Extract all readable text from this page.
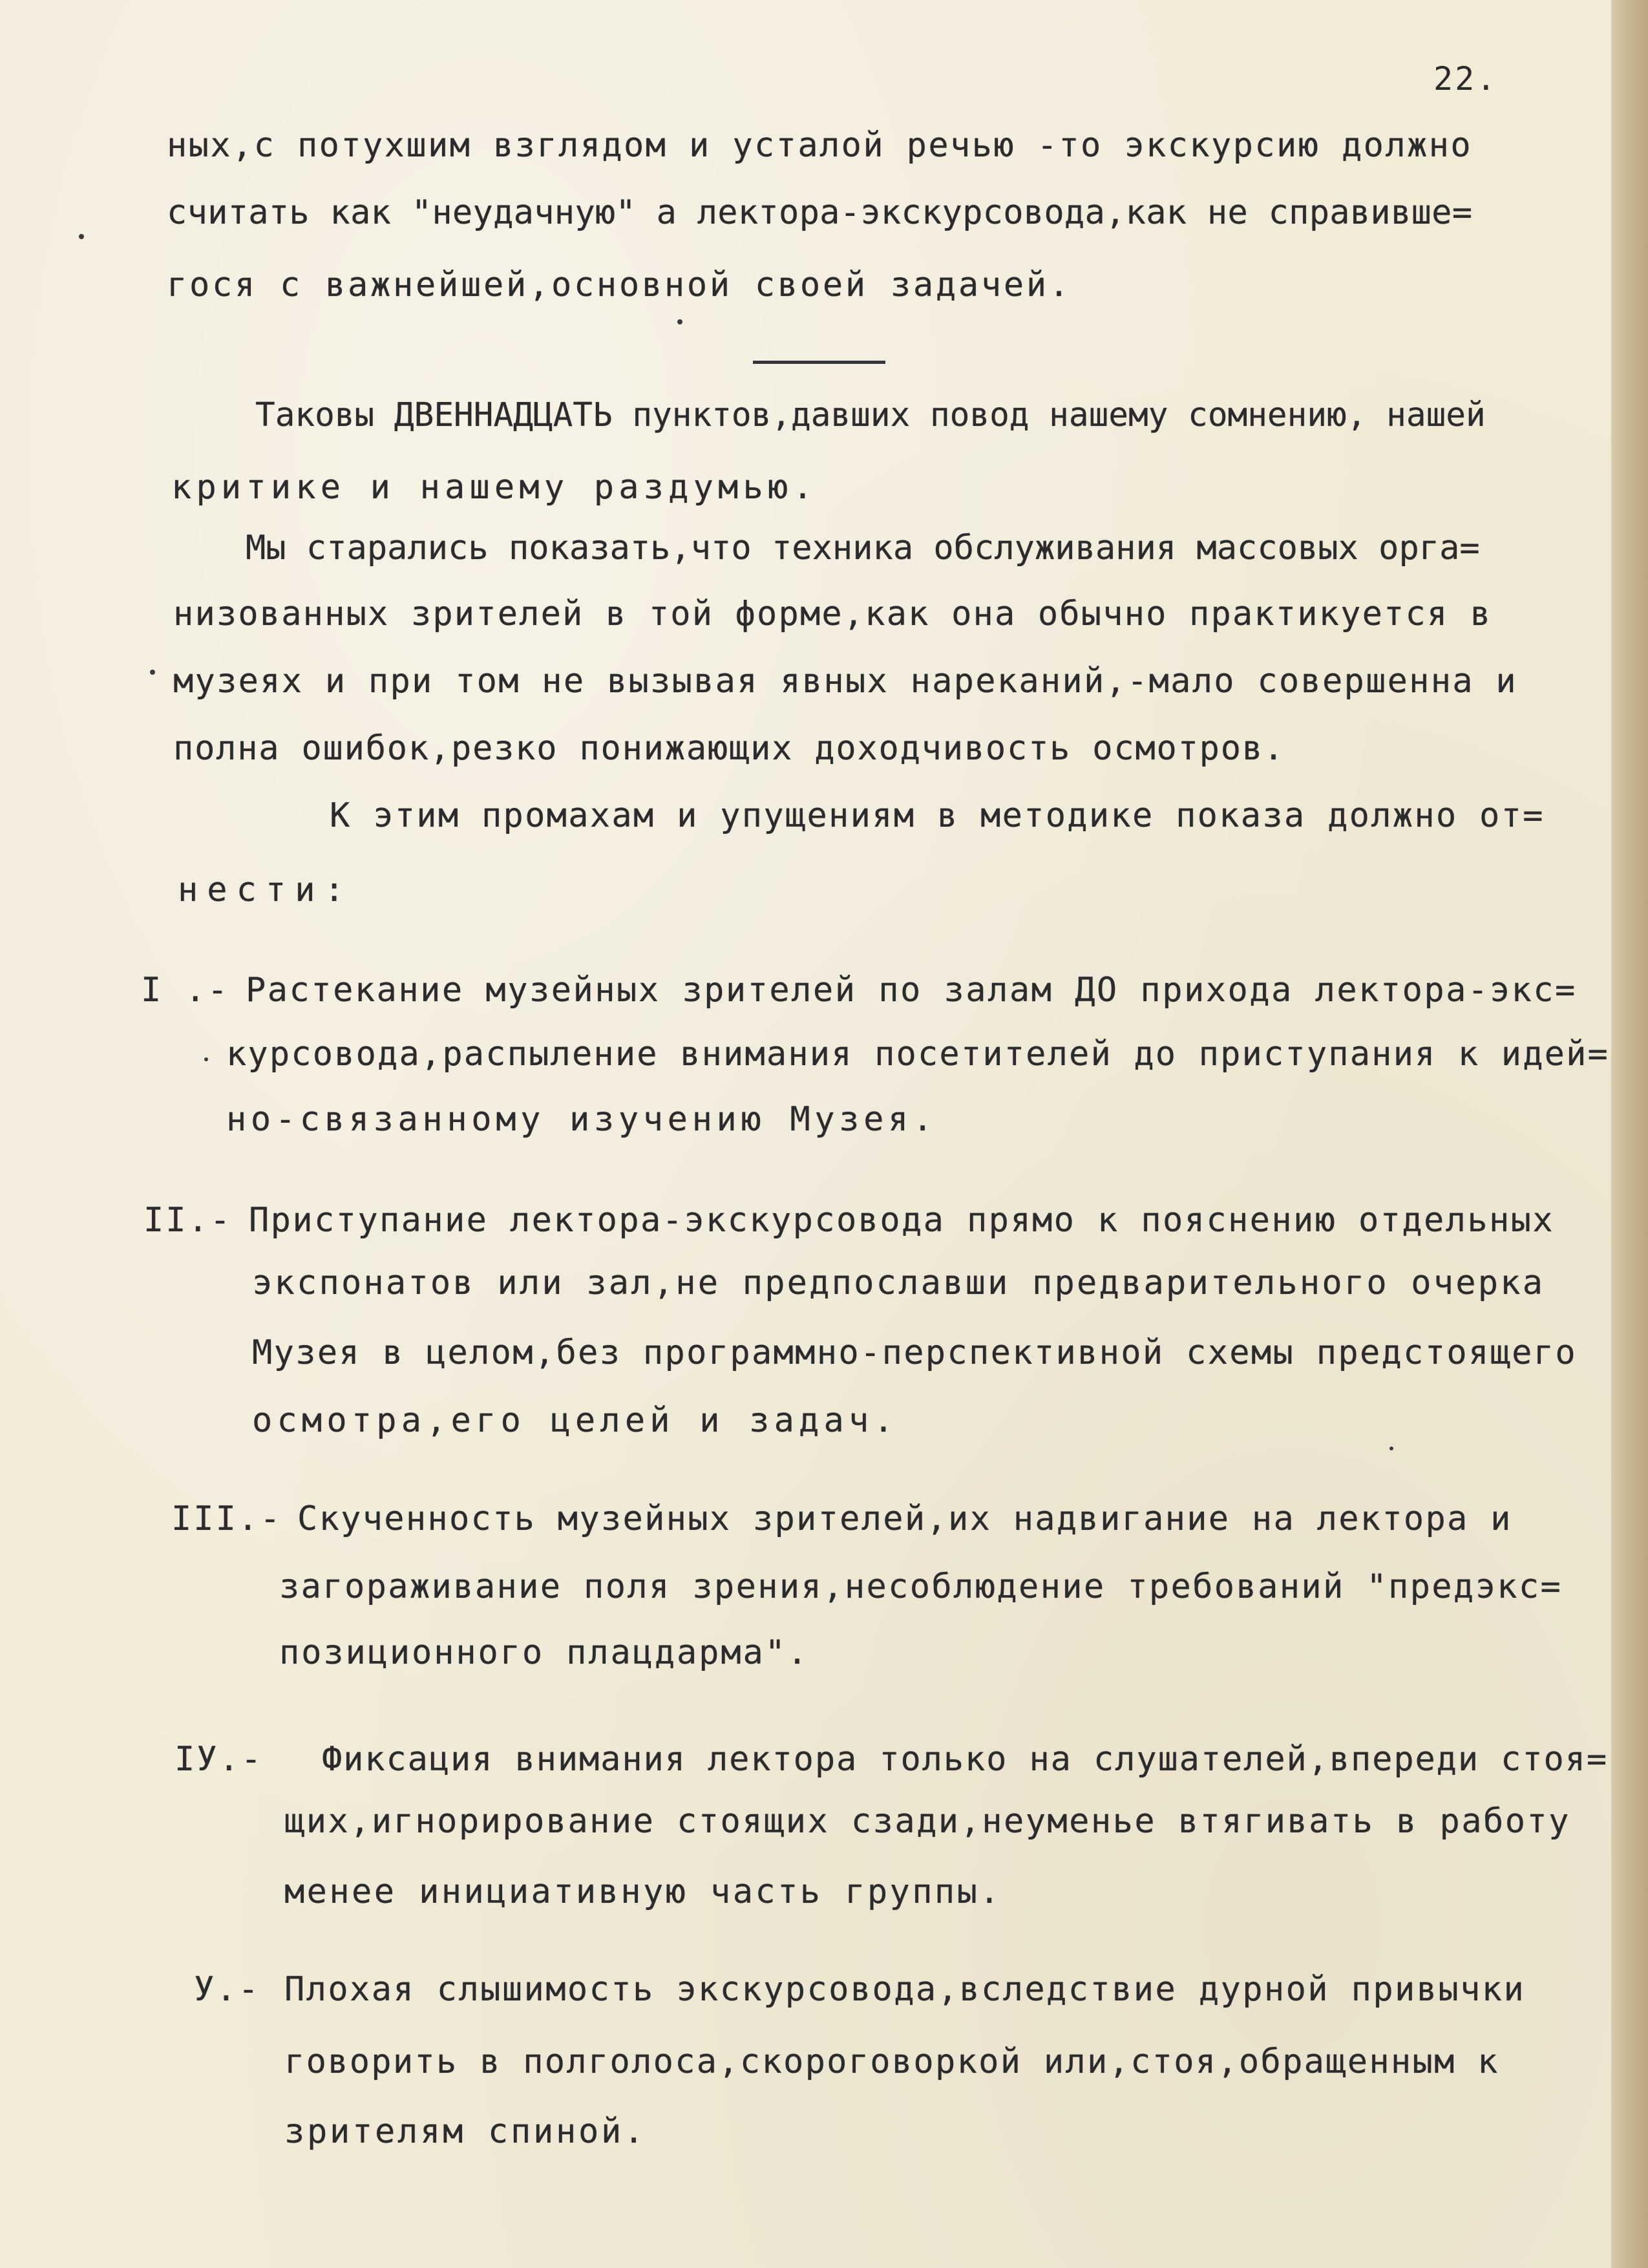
22.

ных,с потухшим взглядом и усталой речью -то экскурсию должно

считать как "неудачную" а лектора-экскурсовода,как не справивше=

гося с важнейшей,основной своей задачей.

Таковы ДВЕННАДЦАТЬ пунктов,давших повод нашему сомнению, нашей

критике и нашему раздумью.

Мы старались показать,что техника обслуживания массовых орга=

низованных зрителей в той форме,как она обычно практикуется в

музеях и при том не вызывая явных нареканий,-мало совершенна и

полна ошибок,резко понижающих доходчивость осмотров.

К этим промахам и упущениям в методике показа должно от=

нести:

I .- Растекание музейных зрителей по залам ДО прихода лектора-экс=

курсовода,распыление внимания посетителей до приступания к идей=

но-связанному изучению Музея.

II.- Приступание лектора-экскурсовода прямо к пояснению отдельных

экспонатов или зал,не предпославши предварительного очерка

Музея в целом,без программно-перспективной схемы предстоящего

осмотра,его целей и задач.

III.- Скученность музейных зрителей,их надвигание на лектора и

загораживание поля зрения,несоблюдение требований "предэкс=

позиционного плацдарма".

IУ.- Фиксация внимания лектора только на слушателей,впереди стоя=

щих,игнорирование стоящих сзади,неуменье втягивать в работу

менее инициативную часть группы.

У.- Плохая слышимость экскурсовода,вследствие дурной привычки

говорить в полголоса,скороговоркой или,стоя,обращенным к

зрителям спиной.
